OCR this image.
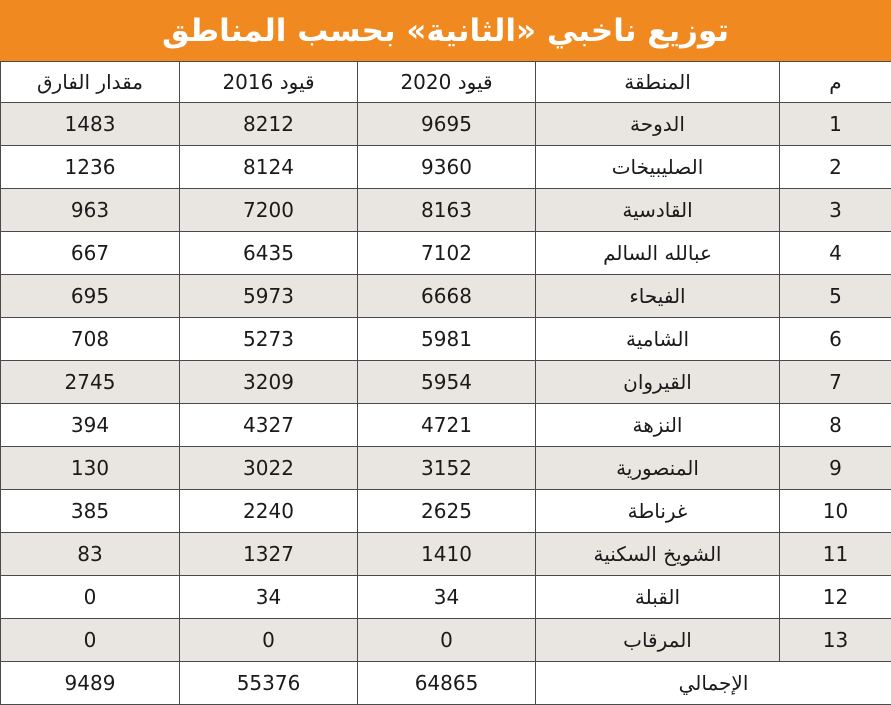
توزيع ناخبي «الثانية» بحسب المناطق
م	المنطقة	قيود 2020	قيود 2016	مقدار الفارق
1	الدوحة	9695	8212	1483
2	الصليبيخات	9360	8124	1236
3	القادسية	8163	7200	963
4	عبالله السالم	7102	6435	667
5	الفيحاء	6668	5973	695
6	الشامية	5981	5273	708
7	القيروان	5954	3209	2745
8	النزهة	4721	4327	394
9	المنصورية	3152	3022	130
10	غرناطة	2625	2240	385
11	الشويخ السكنية	1410	1327	83
12	القبلة	34	34	0
13	المرقاب	0	0	0
الإجمالي		64865	55376	9489
